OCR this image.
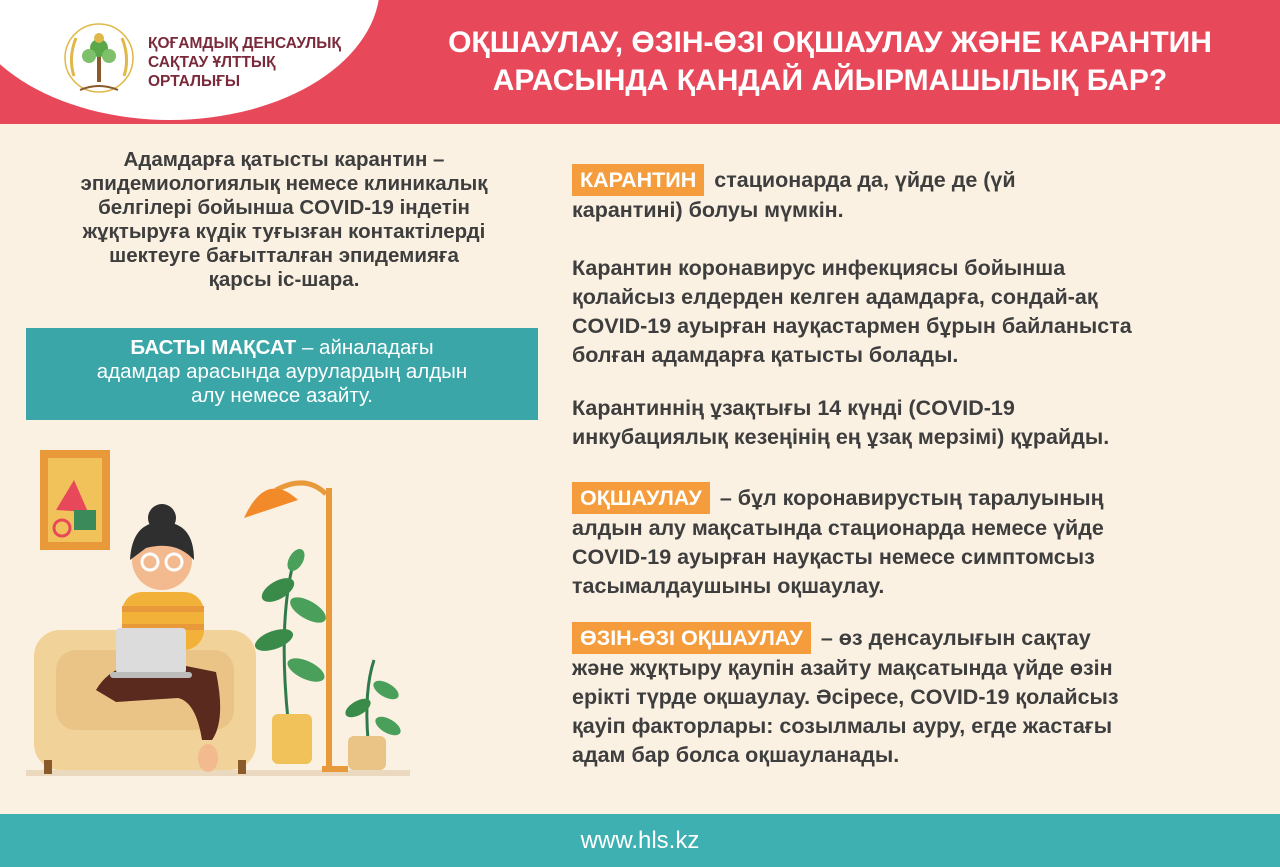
ҚОҒАМДЫҚ ДЕНСАУЛЫҚ
САҚТАУ ҰЛТТЫҚ
ОРТАЛЫҒЫ
ОҚШАУЛАУ, ӨЗІН-ӨЗІ ОҚШАУЛАУ ЖӘНЕ КАРАНТИН
АРАСЫНДА ҚАНДАЙ АЙЫРМАШЫЛЫҚ БАР?
Адамдарға қатысты карантин –
эпидемиологиялық немесе клиникалық
белгілері бойынша COVID-19 індетін
жұқтыруға күдік туғызған контактілерді
шектеуге бағытталған эпидемияға
қарсы іс-шара.
БАСТЫ МАҚСАТ – айналадағы
адамдар арасында аурулардың алдын
алу немесе азайту.
КАРАНТИН стационарда да, үйде де (үй
карантині) болуы мүмкін.
Карантин коронавирус инфекциясы бойынша
қолайсыз елдерден келген адамдарға, сондай-ақ
COVID-19 ауырған науқастармен бұрын байланыста
болған адамдарға қатысты болады.
Карантиннің ұзақтығы 14 күнді (COVID-19
инкубациялық кезеңінің ең ұзақ мерзімі) құрайды.
ОҚШАУЛАУ – бұл коронавирустың таралуының
алдын алу мақсатында стационарда немесе үйде
COVID-19 ауырған науқасты немесе симптомсыз
тасымалдаушыны оқшаулау.
ӨЗІН-ӨЗІ ОҚШАУЛАУ – өз денсаулығын сақтау
және жұқтыру қаупін азайту мақсатында үйде өзін
ерікті түрде оқшаулау. Әсіресе, COVID-19 қолайсыз
қауіп факторлары: созылмалы ауру, егде жастағы
адам бар болса оқшауланады.
www.hls.kz
